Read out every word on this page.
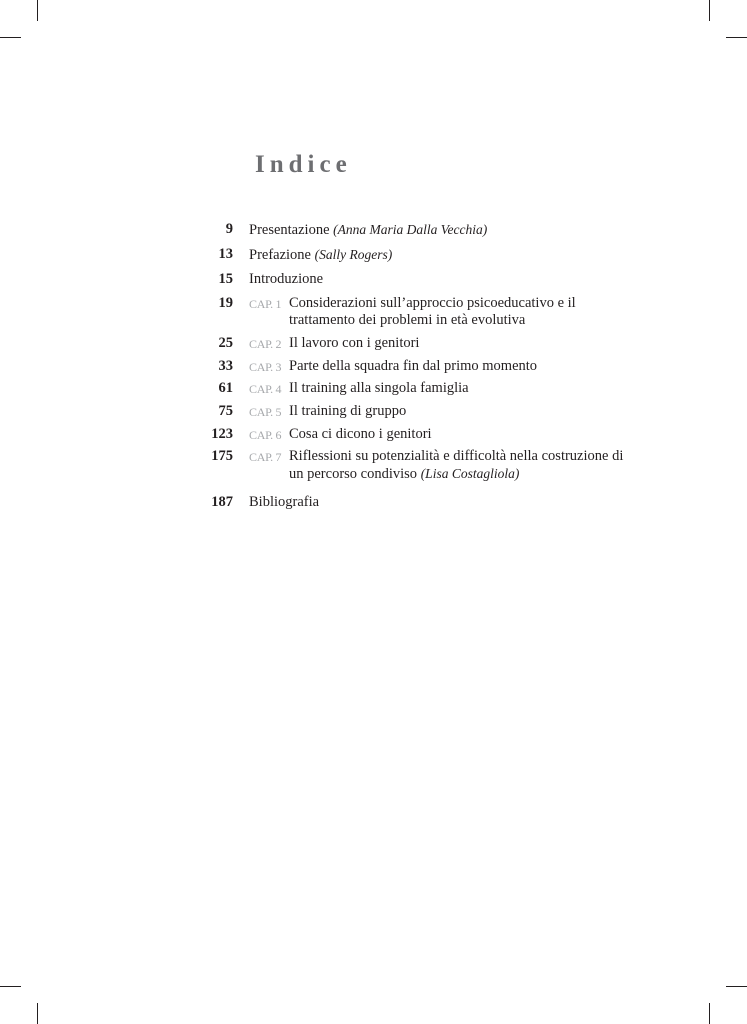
Indice
9 Presentazione (Anna Maria Dalla Vecchia)
13 Prefazione (Sally Rogers)
15 Introduzione
19 CAP. 1 Considerazioni sull’approccio psicoeducativo e il trattamento dei problemi in età evolutiva
25 CAP. 2 Il lavoro con i genitori
33 CAP. 3 Parte della squadra fin dal primo momento
61 CAP. 4 Il training alla singola famiglia
75 CAP. 5 Il training di gruppo
123 CAP. 6 Cosa ci dicono i genitori
175 CAP. 7 Riflessioni su potenzialità e difficoltà nella costruzione di un percorso condiviso (Lisa Costagliola)
187 Bibliografia
